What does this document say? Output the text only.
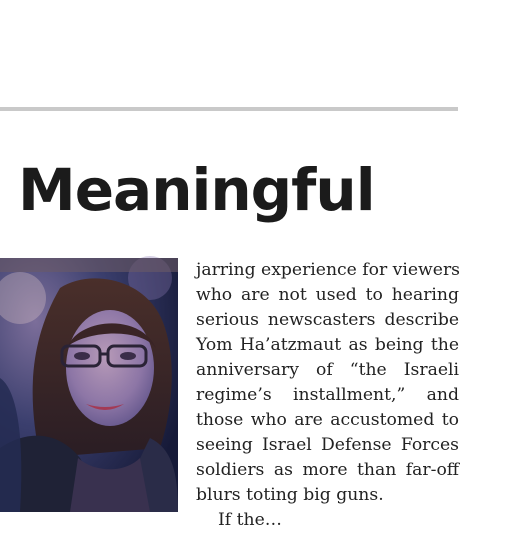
Meaningful
jarring experience for viewers
who are not used to hearing
serious newscasters describe
Yom Ha’atzmaut as being the
anniversary of “the Israeli
regime’s installment,” and
those who are accustomed to
seeing Israel Defense Forces
soldiers as more than far-off
blurs toting big guns.
If the…
